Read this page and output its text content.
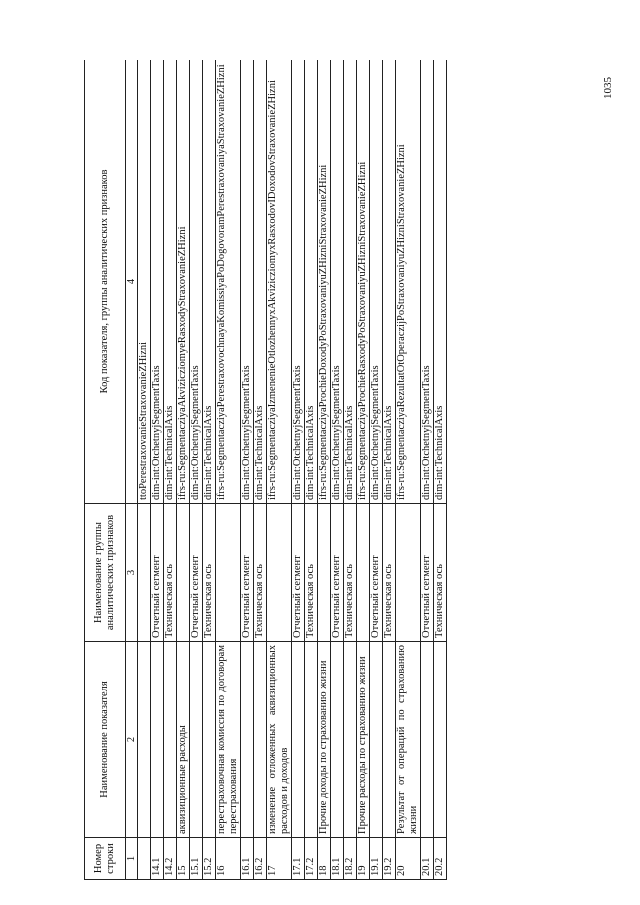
1035
Номер строки	Наименование показателя	Наименование группы аналитических признаков	Код показателя, группы аналитических признаков
1	2	3	4
			ttoPerestraxovanieStraxovanieZHizni
14.1		Отчетный сегмент	dim-int:OtchetnyjSegmentTaxis
14.2		Техническая ось	dim-int:TechnicalAxis
15	аквизиционные расходы		ifrs-ru:SegmentacziyaAkvizicziomyeRasxodyStraxovanieZHizni
15.1		Отчетный сегмент	dim-int:OtchetnyjSegmentTaxis
15.2		Техническая ось	dim-int:TechnicalAxis
16	перестраховочная комиссия по договорам перестрахования		ifrs-ru:SegmentacziyaPerestraxovochnayaKomissiyaPoDogovoramPerestraxovaniyaStraxovanieZHizni
16.1		Отчетный сегмент	dim-int:OtchetnyjSegmentTaxis
16.2		Техническая ось	dim-int:TechnicalAxis
17	изменение отложенных аквизиционных расходов и доходов		ifrs-ru:SegmentacziyaIzmenenieOtlozhennyxAkvizicziomyxRasxodovIDoxodovStraxovanieZHizni
17.1		Отчетный сегмент	dim-int:OtchetnyjSegmentTaxis
17.2		Техническая ось	dim-int:TechnicalAxis
18	Прочие доходы по страхованию жизни		ifrs-ru:SegmentacziyaProchieDoxodyPoStraxovaniyuZHizniStraxovanieZHizni
18.1		Отчетный сегмент	dim-int:OtchetnyjSegmentTaxis
18.2		Техническая ось	dim-int:TechnicalAxis
19	Прочие расходы по страхованию жизни		ifrs-ru:SegmentacziyaProchieRasxodyPoStraxovaniyuZHizniStraxovanieZHizni
19.1		Отчетный сегмент	dim-int:OtchetnyjSegmentTaxis
19.2		Техническая ось	dim-int:TechnicalAxis
20	Результат от операций по страхованию жизни		ifrs-ru:SegmentacziyaRezultatOtOperaczijPoStraxovaniyuZHizniStraxovanieZHizni
20.1		Отчетный сегмент	dim-int:OtchetnyjSegmentTaxis
20.2		Техническая ось	dim-int:TechnicalAxis
